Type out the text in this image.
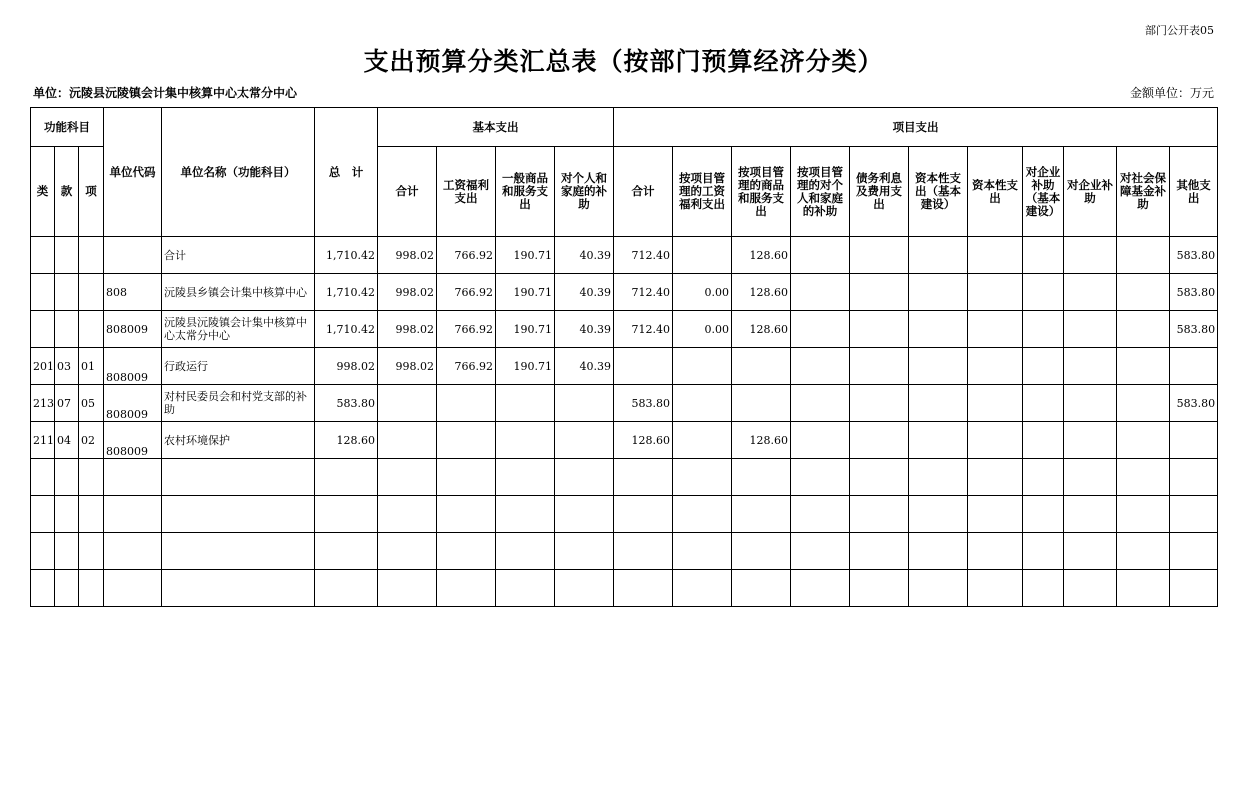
部门公开表05
支出预算分类汇总表（按部门预算经济分类）
单位：沅陵县沅陵镇会计集中核算中心太常分中心	金额单位：万元
功能科目			单位代码	单位名称（功能科目）	总　计	基本支出				项目支出										
类	款	项				合计	工资福利支出	一般商品和服务支出	对个人和家庭的补助	合计	按项目管理的工资福利支出	按项目管理的商品和服务支出	按项目管理的对个人和家庭的补助	债务利息及费用支出	资本性支出（基本建设）	资本性支出	对企业补助（基本建设）	对企业补助	对社会保障基金补助	其他支出
				合计	1,710.42	998.02	766.92	190.71	40.39	712.40		128.60								583.80
			808	沅陵县乡镇会计集中核算中心	1,710.42	998.02	766.92	190.71	40.39	712.40	0.00	128.60								583.80
			808009	沅陵县沅陵镇会计集中核算中心太常分中心	1,710.42	998.02	766.92	190.71	40.39	712.40	0.00	128.60								583.80
201	03	01	808009	行政运行	998.02	998.02	766.92	190.71	40.39											
213	07	05	808009	对村民委员会和村党支部的补助	583.80					583.80										583.80
211	04	02	808009	农村环境保护	128.60					128.60		128.60								
